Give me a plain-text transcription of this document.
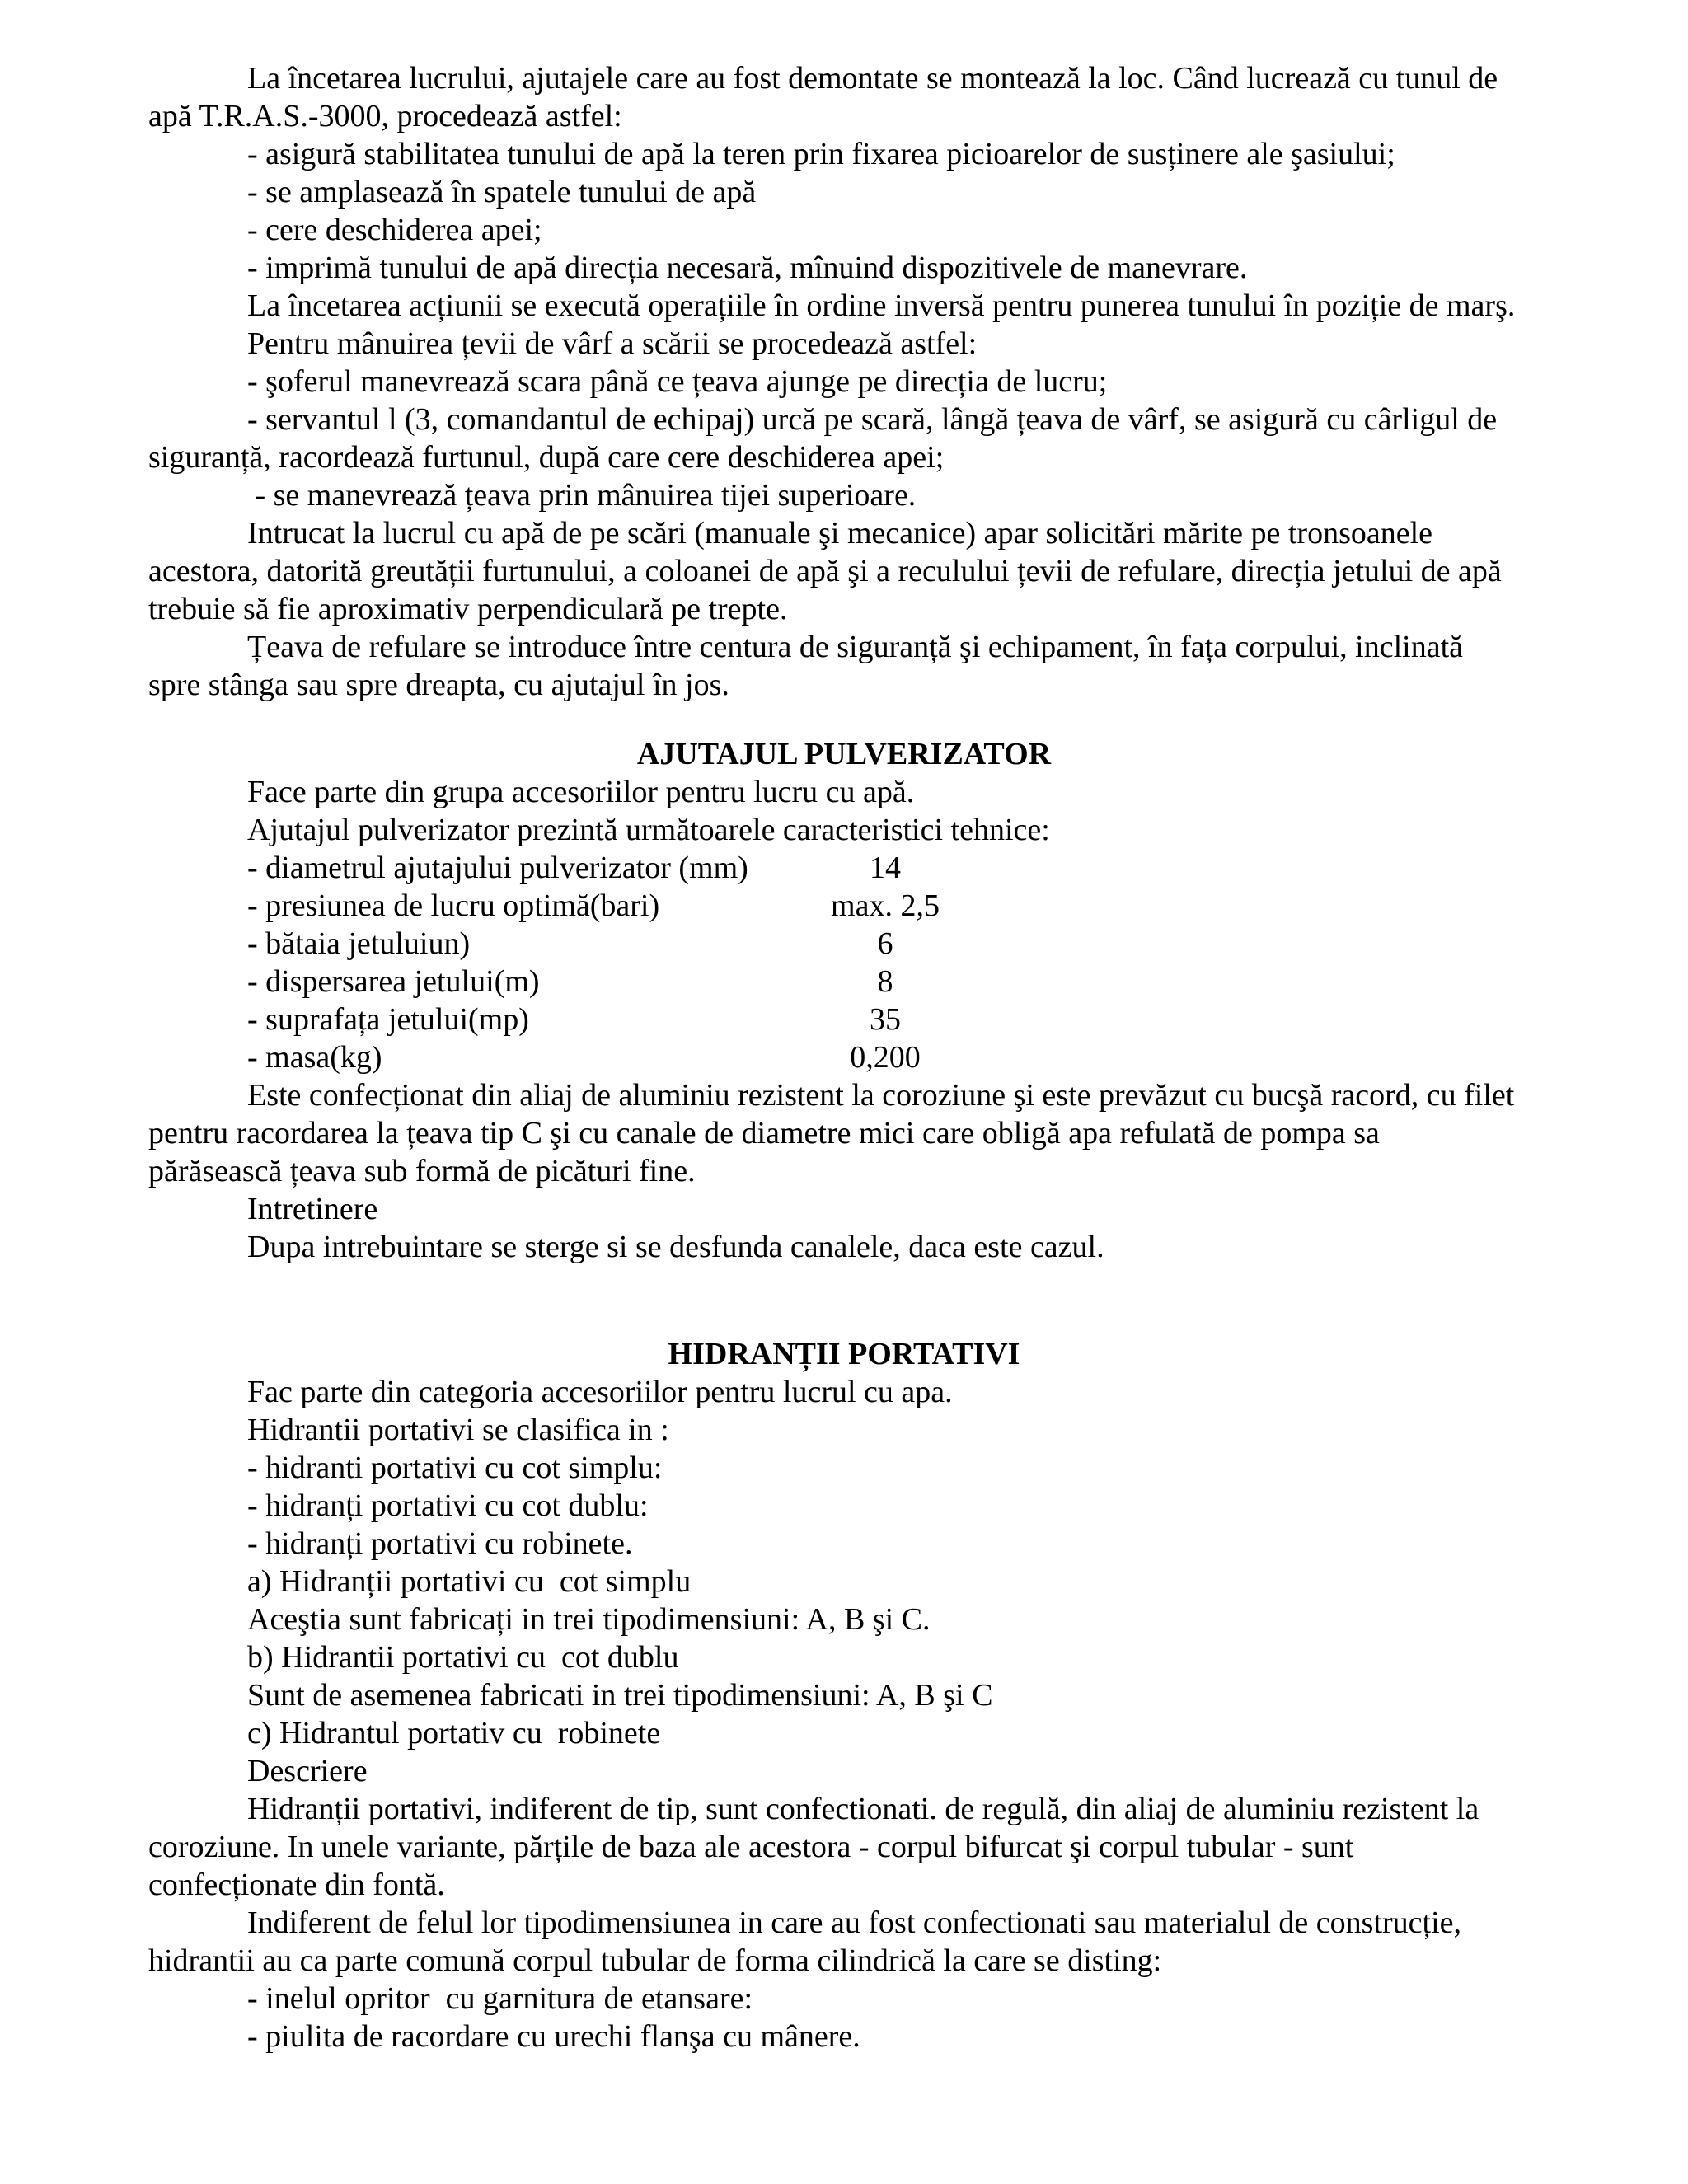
La încetarea lucrului, ajutajele care au fost demontate se montează la loc. Când lucrează cu tunul de
apă T.R.A.S.-3000, procedează astfel:
- asigură stabilitatea tunului de apă la teren prin fixarea picioarelor de susținere ale şasiului;
- se amplasează în spatele tunului de apă
- cere deschiderea apei;
- imprimă tunului de apă direcția necesară, mînuind dispozitivele de manevrare.
La încetarea acțiunii se execută operațiile în ordine inversă pentru punerea tunului în poziție de marş.
Pentru mânuirea țevii de vârf a scării se procedează astfel:
- şoferul manevrează scara până ce țeava ajunge pe direcția de lucru;
- servantul l (3, comandantul de echipaj) urcă pe scară, lângă țeava de vârf, se asigură cu cârligul de
siguranță, racordează furtunul, după care cere deschiderea apei;
- se manevrează țeava prin mânuirea tijei superioare.
Intrucat la lucrul cu apă de pe scări (manuale şi mecanice) apar solicitări mărite pe tronsoanele
acestora, datorită greutății furtunului, a coloanei de apă şi a reculului țevii de refulare, direcția jetului de apă
trebuie să fie aproximativ perpendiculară pe trepte.
Țeava de refulare se introduce între centura de siguranță şi echipament, în fața corpului, inclinată
spre stânga sau spre dreapta, cu ajutajul în jos.
AJUTAJUL PULVERIZATOR
Face parte din grupa accesoriilor pentru lucru cu apă.
Ajutajul pulverizator prezintă următoarele caracteristici tehnice:
- diametrul ajutajului pulverizator (mm)	14
- presiunea de lucru optimă(bari)	max. 2,5
- bătaia jetuluiun)	6
- dispersarea jetului(m)	8
- suprafața jetului(mp)	35
- masa(kg)	0,200
Este confecționat din aliaj de aluminiu rezistent la coroziune şi este prevăzut cu bucşă racord, cu filet
pentru racordarea la țeava tip C şi cu canale de diametre mici care obligă apa refulată de pompa sa
părăsească țeava sub formă de picături fine.
Intretinere
Dupa intrebuintare se sterge si se desfunda canalele, daca este cazul.
HIDRANȚII PORTATIVI
Fac parte din categoria accesoriilor pentru lucrul cu apa.
Hidrantii portativi se clasifica in :
- hidranti portativi cu cot simplu:
- hidranți portativi cu cot dublu:
- hidranți portativi cu robinete.
a) Hidranții portativi cu  cot simplu
Aceştia sunt fabricați in trei tipodimensiuni: A, B şi C.
b) Hidrantii portativi cu  cot dublu
Sunt de asemenea fabricati in trei tipodimensiuni: A, B şi C
c) Hidrantul portativ cu  robinete
Descriere
Hidranții portativi, indiferent de tip, sunt confectionati. de regulă, din aliaj de aluminiu rezistent la
coroziune. In unele variante, părțile de baza ale acestora - corpul bifurcat şi corpul tubular - sunt
confecționate din fontă.
Indiferent de felul lor tipodimensiunea in care au fost confectionati sau materialul de construcție,
hidrantii au ca parte comună corpul tubular de forma cilindrică la care se disting:
- inelul opritor  cu garnitura de etansare:
- piulita de racordare cu urechi flanşa cu mânere.
